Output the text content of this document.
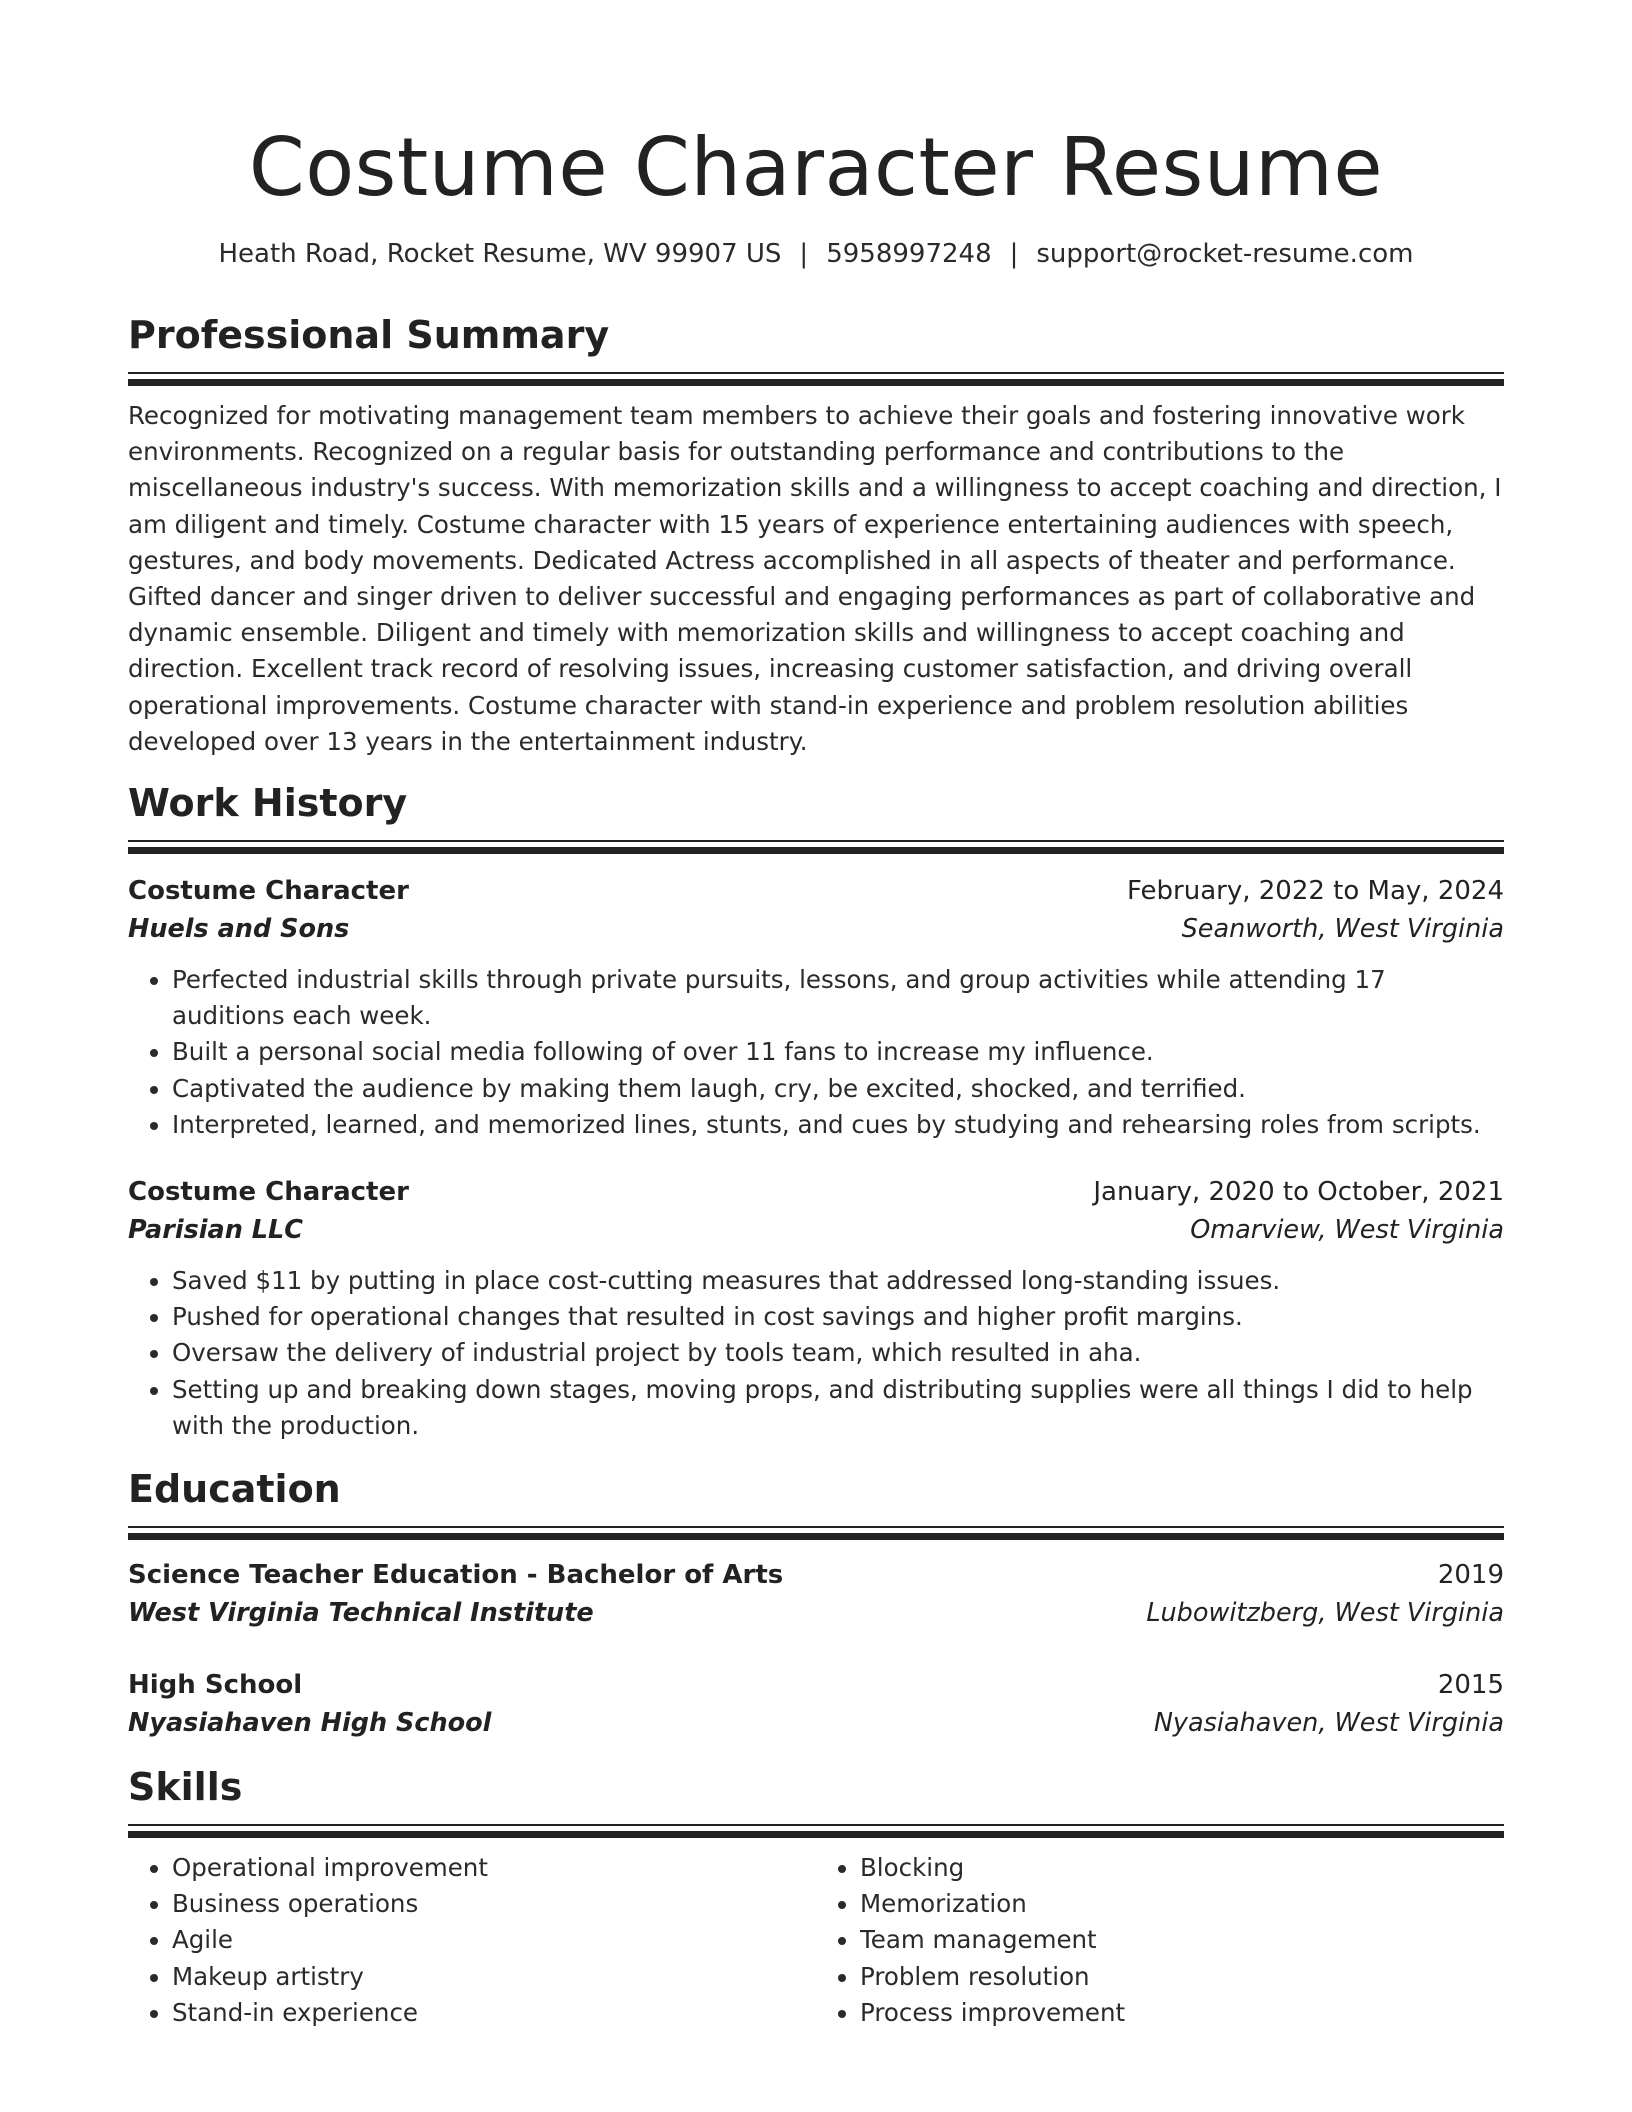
Costume Character Resume
Heath Road, Rocket Resume, WV 99907 US | 5958997248 | support@rocket-resume.com
Professional Summary
Recognized for motivating management team members to achieve their goals and fostering innovative work environments. Recognized on a regular basis for outstanding performance and contributions to the miscellaneous industry's success. With memorization skills and a willingness to accept coaching and direction, I am diligent and timely. Costume character with 15 years of experience entertaining audiences with speech, gestures, and body movements. Dedicated Actress accomplished in all aspects of theater and performance. Gifted dancer and singer driven to deliver successful and engaging performances as part of collaborative and dynamic ensemble. Diligent and timely with memorization skills and willingness to accept coaching and direction. Excellent track record of resolving issues, increasing customer satisfaction, and driving overall operational improvements. Costume character with stand-in experience and problem resolution abilities developed over 13 years in the entertainment industry.
Work History
Costume Character	February, 2022 to May, 2024
Huels and Sons	Seanworth, West Virginia
• Perfected industrial skills through private pursuits, lessons, and group activities while attending 17 auditions each week.
• Built a personal social media following of over 11 fans to increase my influence.
• Captivated the audience by making them laugh, cry, be excited, shocked, and terrified.
• Interpreted, learned, and memorized lines, stunts, and cues by studying and rehearsing roles from scripts.
Costume Character	January, 2020 to October, 2021
Parisian LLC	Omarview, West Virginia
• Saved $11 by putting in place cost-cutting measures that addressed long-standing issues.
• Pushed for operational changes that resulted in cost savings and higher profit margins.
• Oversaw the delivery of industrial project by tools team, which resulted in aha.
• Setting up and breaking down stages, moving props, and distributing supplies were all things I did to help with the production.
Education
Science Teacher Education - Bachelor of Arts	2019
West Virginia Technical Institute	Lubowitzberg, West Virginia
High School	2015
Nyasiahaven High School	Nyasiahaven, West Virginia
Skills
• Operational improvement
• Business operations
• Agile
• Makeup artistry
• Stand-in experience
• Blocking
• Memorization
• Team management
• Problem resolution
• Process improvement
